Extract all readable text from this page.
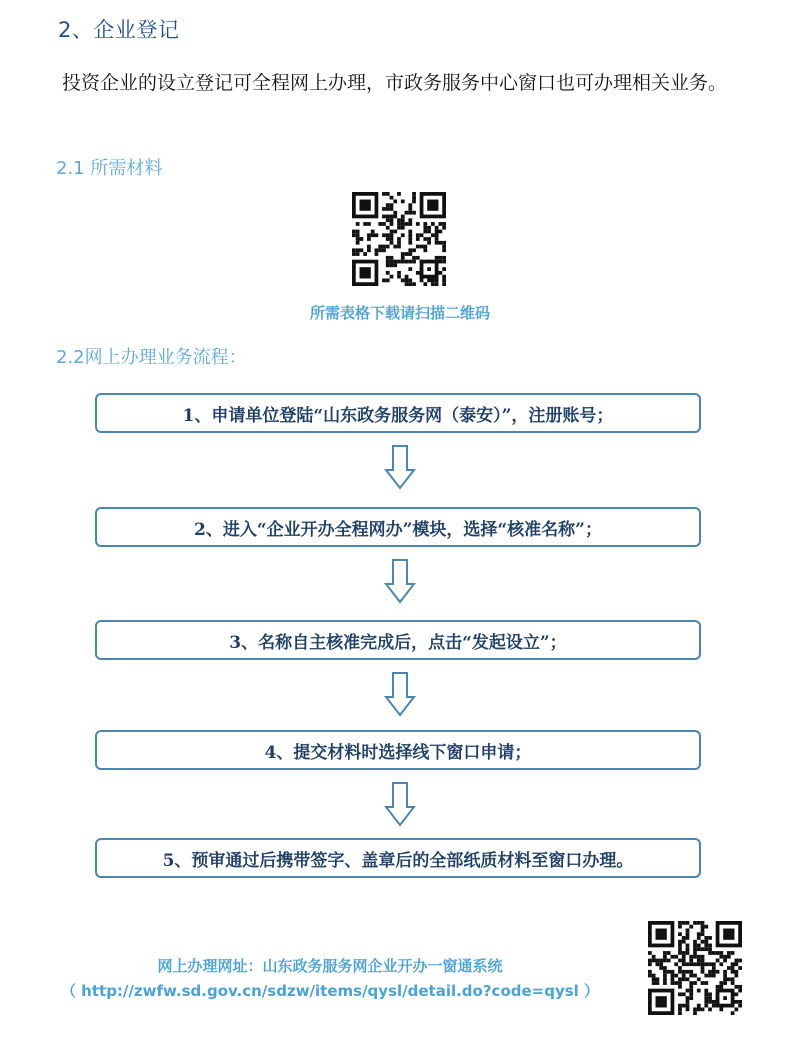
2、企业登记
投资企业的设立登记可全程网上办理，市政务服务中心窗口也可办理相关业务。
2.1 所需材料
所需表格下载请扫描二维码
2.2网上办理业务流程：
1、申请单位登陆“山东政务服务网（泰安）”，注册账号；
2、进入“企业开办全程网办”模块，选择“核准名称”；
3、名称自主核准完成后，点击“发起设立”；
4、提交材料时选择线下窗口申请；
5、预审通过后携带签字、盖章后的全部纸质材料至窗口办理。
网上办理网址：山东政务服务网企业开办一窗通系统
（ http://zwfw.sd.gov.cn/sdzw/items/qysl/detail.do?code=qysl ）
